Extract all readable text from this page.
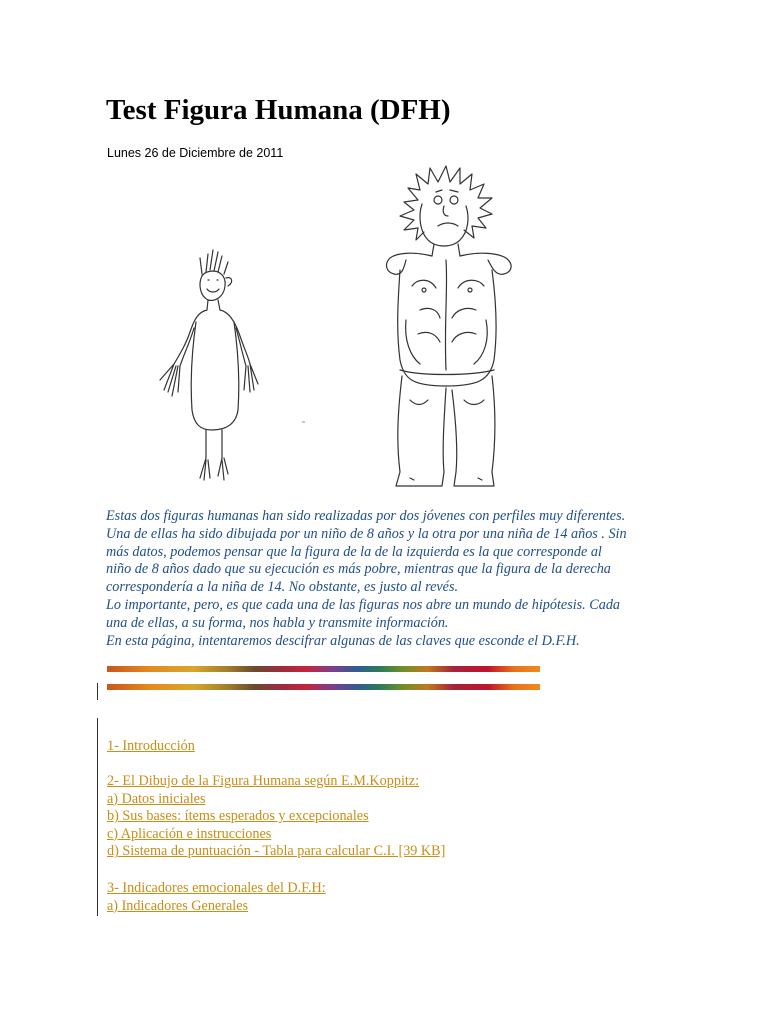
Test Figura Humana (DFH)
Lunes 26 de Diciembre de 2011
Estas dos figuras humanas han sido realizadas por dos jóvenes con perfiles muy diferentes.
Una de ellas ha sido dibujada por un niño de 8 años y la otra por una niña de 14 años . Sin
más datos, podemos pensar que la figura de la de la izquierda es la que corresponde al
niño de 8 años dado que su ejecución es más pobre, mientras que la figura de la derecha
correspondería a la niña de 14. No obstante, es justo al revés.
Lo importante, pero, es que cada una de las figuras nos abre un mundo de hipótesis. Cada
una de ellas, a su forma, nos habla y transmite información.
En esta página, intentaremos descifrar algunas de las claves que esconde el D.F.H.
1- Introducción
2- El Dibujo de la Figura Humana según E.M.Koppitz:
a) Datos iniciales
b) Sus bases: ítems esperados y excepcionales
c) Aplicación e instrucciones
d) Sistema de puntuación - Tabla para calcular C.I. [39 KB]
3- Indicadores emocionales del D.F.H:
a) Indicadores Generales
